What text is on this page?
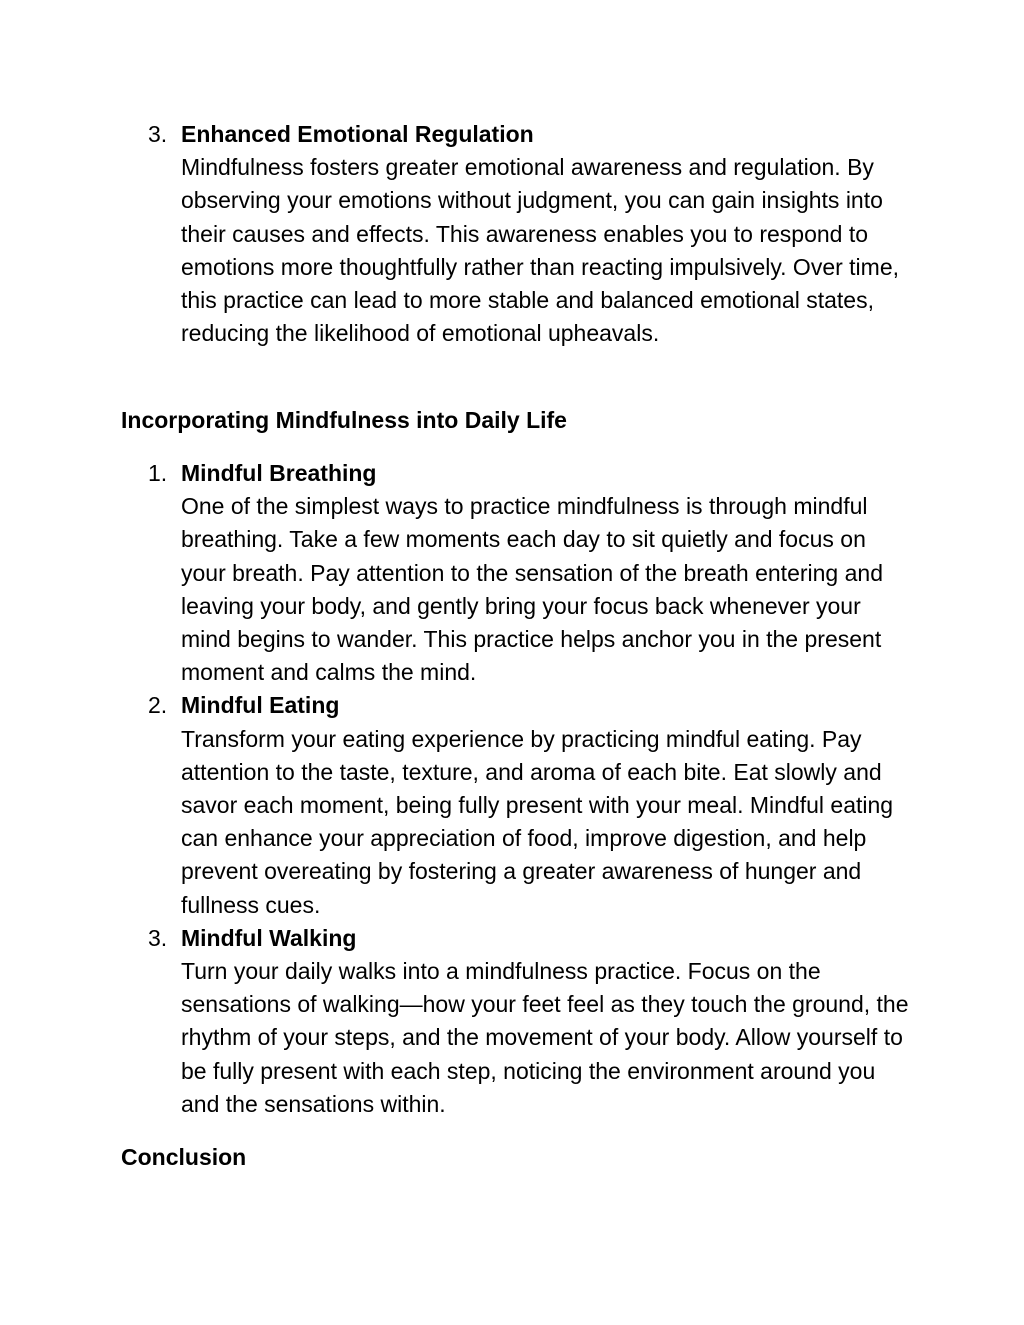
3. Enhanced Emotional Regulation
Mindfulness fosters greater emotional awareness and regulation. By observing your emotions without judgment, you can gain insights into their causes and effects. This awareness enables you to respond to emotions more thoughtfully rather than reacting impulsively. Over time, this practice can lead to more stable and balanced emotional states, reducing the likelihood of emotional upheavals.
Incorporating Mindfulness into Daily Life
1. Mindful Breathing
One of the simplest ways to practice mindfulness is through mindful breathing. Take a few moments each day to sit quietly and focus on your breath. Pay attention to the sensation of the breath entering and leaving your body, and gently bring your focus back whenever your mind begins to wander. This practice helps anchor you in the present moment and calms the mind.
2. Mindful Eating
Transform your eating experience by practicing mindful eating. Pay attention to the taste, texture, and aroma of each bite. Eat slowly and savor each moment, being fully present with your meal. Mindful eating can enhance your appreciation of food, improve digestion, and help prevent overeating by fostering a greater awareness of hunger and fullness cues.
3. Mindful Walking
Turn your daily walks into a mindfulness practice. Focus on the sensations of walking—how your feet feel as they touch the ground, the rhythm of your steps, and the movement of your body. Allow yourself to be fully present with each step, noticing the environment around you and the sensations within.
Conclusion
